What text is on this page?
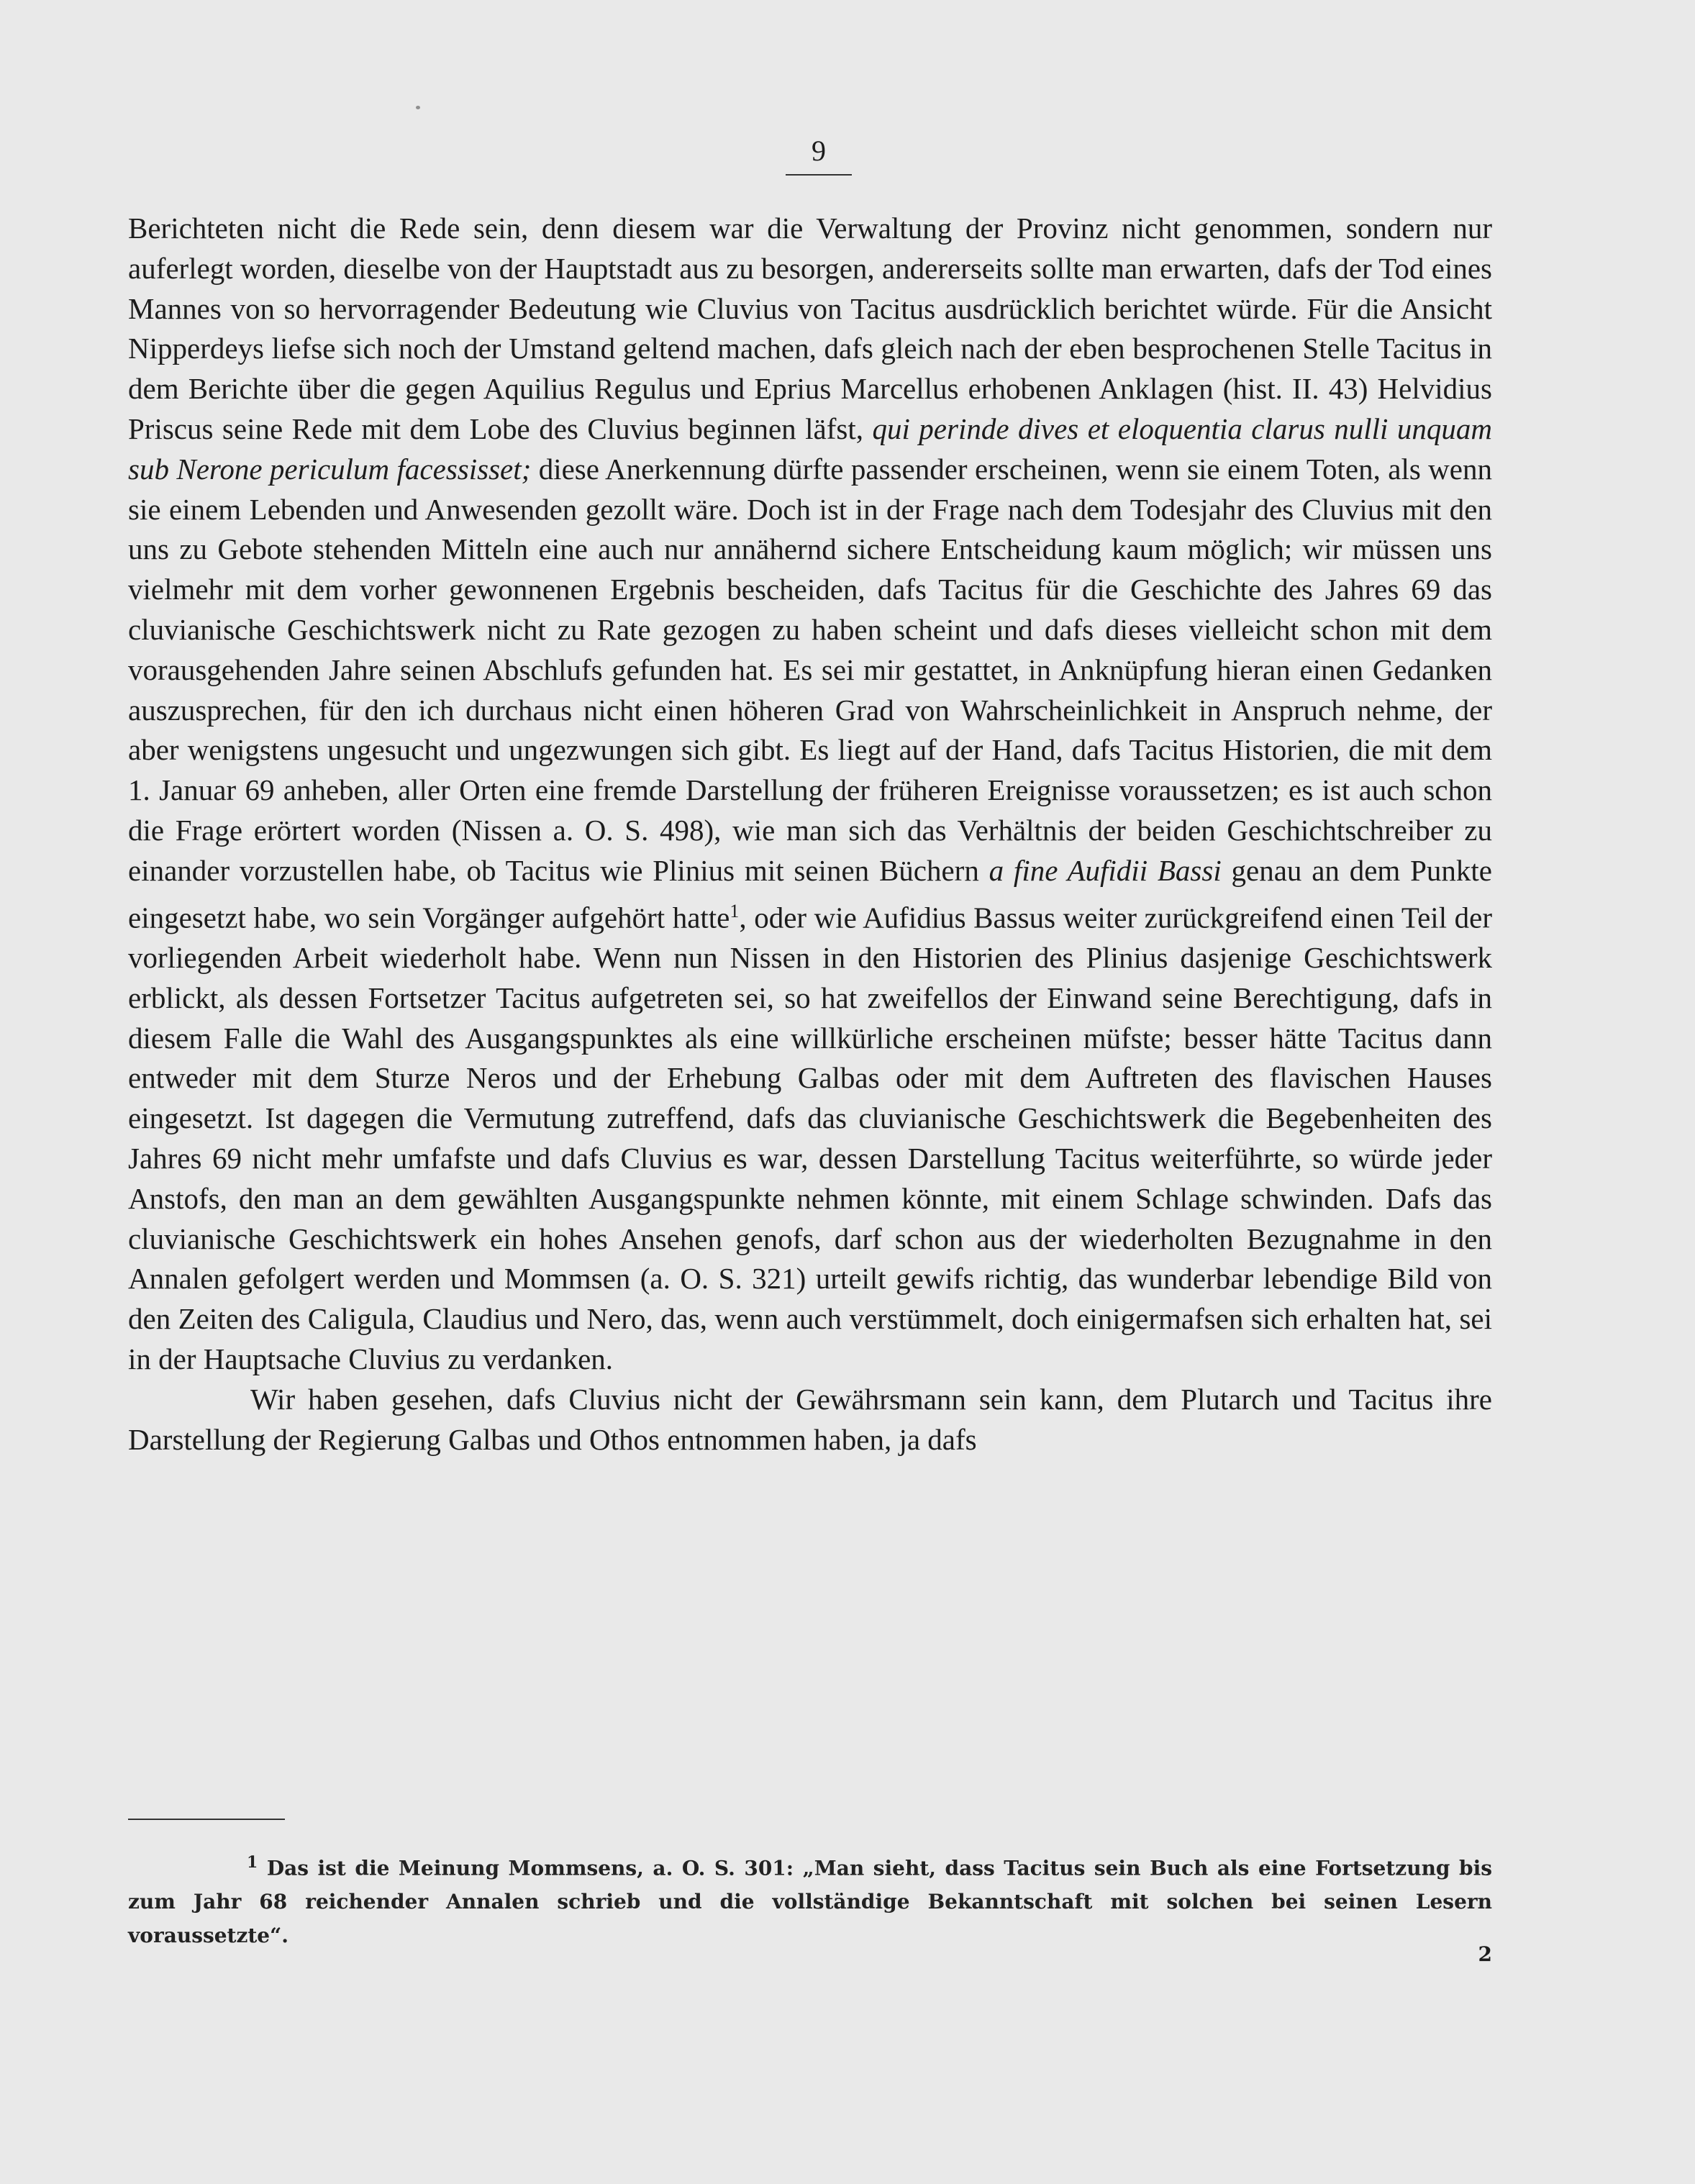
9

Berichteten nicht die Rede sein, denn diesem war die Verwaltung der Provinz nicht genommen, sondern nur auferlegt worden, dieselbe von der Hauptstadt aus zu besorgen, andererseits sollte man erwarten, dafs der Tod eines Mannes von so hervorragender Bedeutung wie Cluvius von Tacitus ausdrücklich berichtet würde. Für die Ansicht Nipperdeys liefse sich noch der Umstand geltend machen, dafs gleich nach der eben besprochenen Stelle Tacitus in dem Berichte über die gegen Aquilius Regulus und Eprius Marcellus erhobenen Anklagen (hist. II. 43) Helvidius Priscus seine Rede mit dem Lobe des Cluvius beginnen läfst, qui perinde dives et eloquentia clarus nulli unquam sub Nerone periculum facessisset; diese Anerkennung dürfte passender erscheinen, wenn sie einem Toten, als wenn sie einem Lebenden und Anwesenden gezollt wäre. Doch ist in der Frage nach dem Todesjahr des Cluvius mit den uns zu Gebote stehenden Mitteln eine auch nur annähernd sichere Entscheidung kaum möglich; wir müssen uns vielmehr mit dem vorher gewonnenen Ergebnis bescheiden, dafs Tacitus für die Geschichte des Jahres 69 das cluvianische Geschichtswerk nicht zu Rate gezogen zu haben scheint und dafs dieses vielleicht schon mit dem vorausgehenden Jahre seinen Abschlufs gefunden hat. Es sei mir gestattet, in Anknüpfung hieran einen Gedanken auszusprechen, für den ich durchaus nicht einen höheren Grad von Wahrscheinlichkeit in Anspruch nehme, der aber wenigstens ungesucht und ungezwungen sich gibt. Es liegt auf der Hand, dafs Tacitus Historien, die mit dem 1. Januar 69 anheben, aller Orten eine fremde Darstellung der früheren Ereignisse voraussetzen; es ist auch schon die Frage erörtert worden (Nissen a. O. S. 498), wie man sich das Verhältnis der beiden Geschichtschreiber zu einander vorzustellen habe, ob Tacitus wie Plinius mit seinen Büchern a fine Aufidii Bassi genau an dem Punkte eingesetzt habe, wo sein Vorgänger aufgehört hatte$^1$, oder wie Aufidius Bassus weiter zurückgreifend einen Teil der vorliegenden Arbeit wiederholt habe. Wenn nun Nissen in den Historien des Plinius dasjenige Geschichtswerk erblickt, als dessen Fortsetzer Tacitus aufgetreten sei, so hat zweifellos der Einwand seine Berechtigung, dafs in diesem Falle die Wahl des Ausgangspunktes als eine willkürliche erscheinen müfste; besser hätte Tacitus dann entweder mit dem Sturze Neros und der Erhebung Galbas oder mit dem Auftreten des flavischen Hauses eingesetzt. Ist dagegen die Vermutung zutreffend, dafs das cluvianische Geschichtswerk die Begebenheiten des Jahres 69 nicht mehr umfafste und dafs Cluvius es war, dessen Darstellung Tacitus weiterführte, so würde jeder Anstofs, den man an dem gewählten Ausgangspunkte nehmen könnte, mit einem Schlage schwinden. Dafs das cluvianische Geschichtswerk ein hohes Ansehen genofs, darf schon aus der wiederholten Bezugnahme in den Annalen gefolgert werden und Mommsen (a. O. S. 321) urteilt gewifs richtig, das wunderbar lebendige Bild von den Zeiten des Caligula, Claudius und Nero, das, wenn auch verstümmelt, doch einigermafsen sich erhalten hat, sei in der Hauptsache Cluvius zu verdanken.

Wir haben gesehen, dafs Cluvius nicht der Gewährsmann sein kann, dem Plutarch und Tacitus ihre Darstellung der Regierung Galbas und Othos entnommen haben, ja dafs

$^1$ Das ist die Meinung Mommsens, a. O. S. 301: „Man sieht, dass Tacitus sein Buch als eine Fortsetzung bis zum Jahr 68 reichender Annalen schrieb und die vollständige Bekanntschaft mit solchen bei seinen Lesern voraussetzte“.
2
